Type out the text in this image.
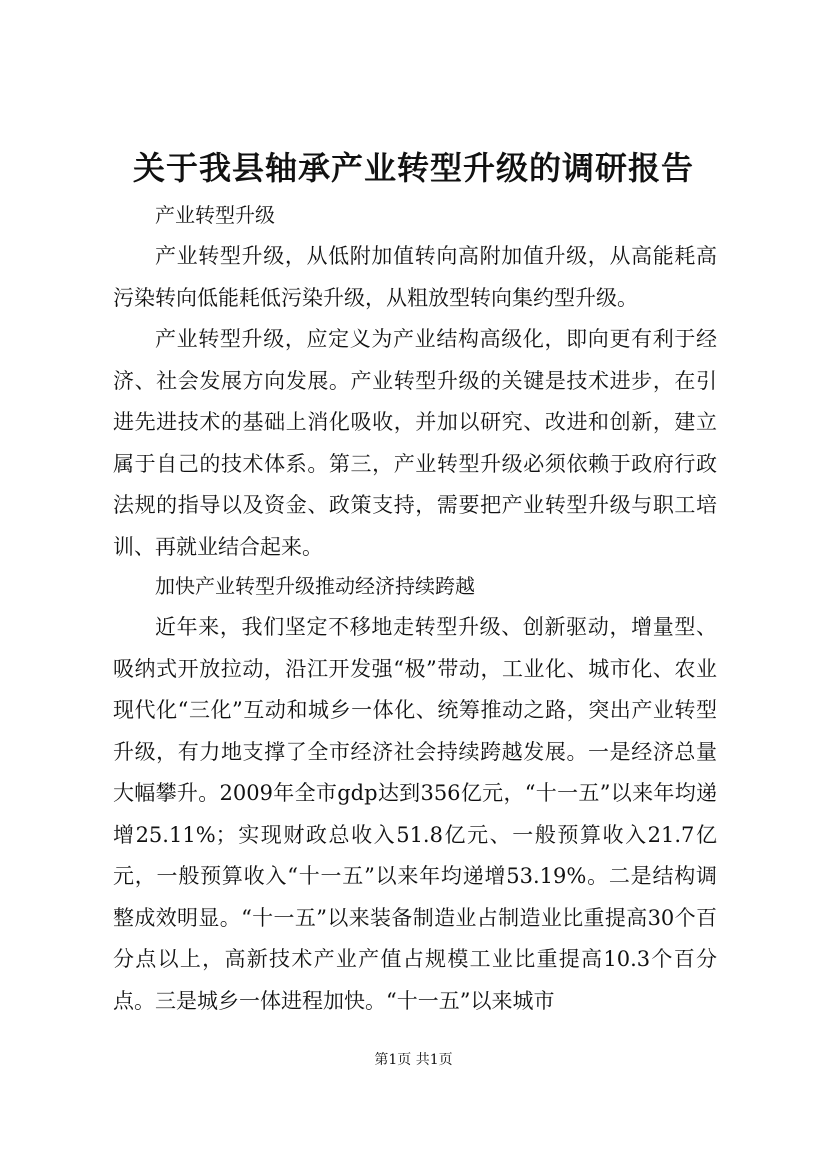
关于我县轴承产业转型升级的调研报告

产业转型升级

产业转型升级，从低附加值转向高附加值升级，从高能耗高污染转向低能耗低污染升级，从粗放型转向集约型升级。

产业转型升级，应定义为产业结构高级化，即向更有利于经济、社会发展方向发展。产业转型升级的关键是技术进步，在引进先进技术的基础上消化吸收，并加以研究、改进和创新，建立属于自己的技术体系。第三，产业转型升级必须依赖于政府行政法规的指导以及资金、政策支持，需要把产业转型升级与职工培训、再就业结合起来。

加快产业转型升级推动经济持续跨越

近年来，我们坚定不移地走转型升级、创新驱动，增量型、吸纳式开放拉动，沿江开发强“极”带动，工业化、城市化、农业现代化“三化”互动和城乡一体化、统筹推动之路，突出产业转型升级，有力地支撑了全市经济社会持续跨越发展。一是经济总量大幅攀升。2009年全市gdp达到356亿元，“十一五”以来年均递增25.11%；实现财政总收入51.8亿元、一般预算收入21.7亿元，一般预算收入“十一五”以来年均递增53.19%。二是结构调整成效明显。“十一五”以来装备制造业占制造业比重提高30个百分点以上，高新技术产业产值占规模工业比重提高10.3个百分点。三是城乡一体进程加快。“十一五”以来城市

第1页 共1页
